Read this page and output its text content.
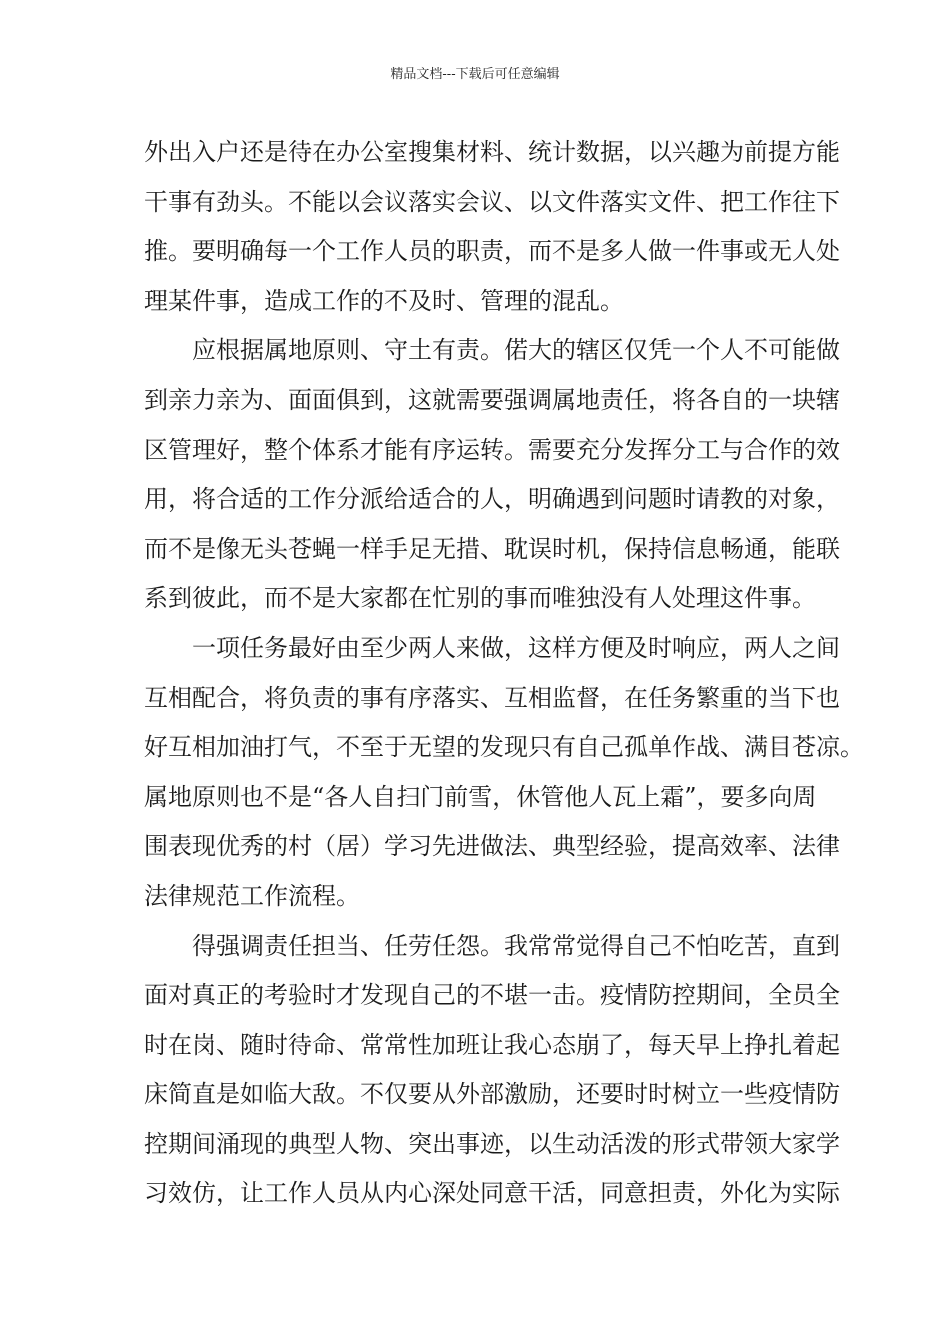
精品文档---下载后可任意编辑
外出入户还是待在办公室搜集材料、统计数据，以兴趣为前提方能
干事有劲头。不能以会议落实会议、以文件落实文件、把工作往下
推。要明确每一个工作人员的职责，而不是多人做一件事或无人处
理某件事，造成工作的不及时、管理的混乱。
应根据属地原则、守土有责。偌大的辖区仅凭一个人不可能做
到亲力亲为、面面俱到，这就需要强调属地责任，将各自的一块辖
区管理好，整个体系才能有序运转。需要充分发挥分工与合作的效
用，将合适的工作分派给适合的人，明确遇到问题时请教的对象，
而不是像无头苍蝇一样手足无措、耽误时机，保持信息畅通，能联
系到彼此，而不是大家都在忙别的事而唯独没有人处理这件事。
一项任务最好由至少两人来做，这样方便及时响应，两人之间
互相配合，将负责的事有序落实、互相监督，在任务繁重的当下也
好互相加油打气，不至于无望的发现只有自己孤单作战、满目苍凉。
属地原则也不是“各人自扫门前雪，休管他人瓦上霜”，要多向周
围表现优秀的村（居）学习先进做法、典型经验，提高效率、法律
法律规范工作流程。
得强调责任担当、任劳任怨。我常常觉得自己不怕吃苦，直到
面对真正的考验时才发现自己的不堪一击。疫情防控期间，全员全
时在岗、随时待命、常常性加班让我心态崩了，每天早上挣扎着起
床简直是如临大敌。不仅要从外部激励，还要时时树立一些疫情防
控期间涌现的典型人物、突出事迹，以生动活泼的形式带领大家学
习效仿，让工作人员从内心深处同意干活，同意担责，外化为实际
